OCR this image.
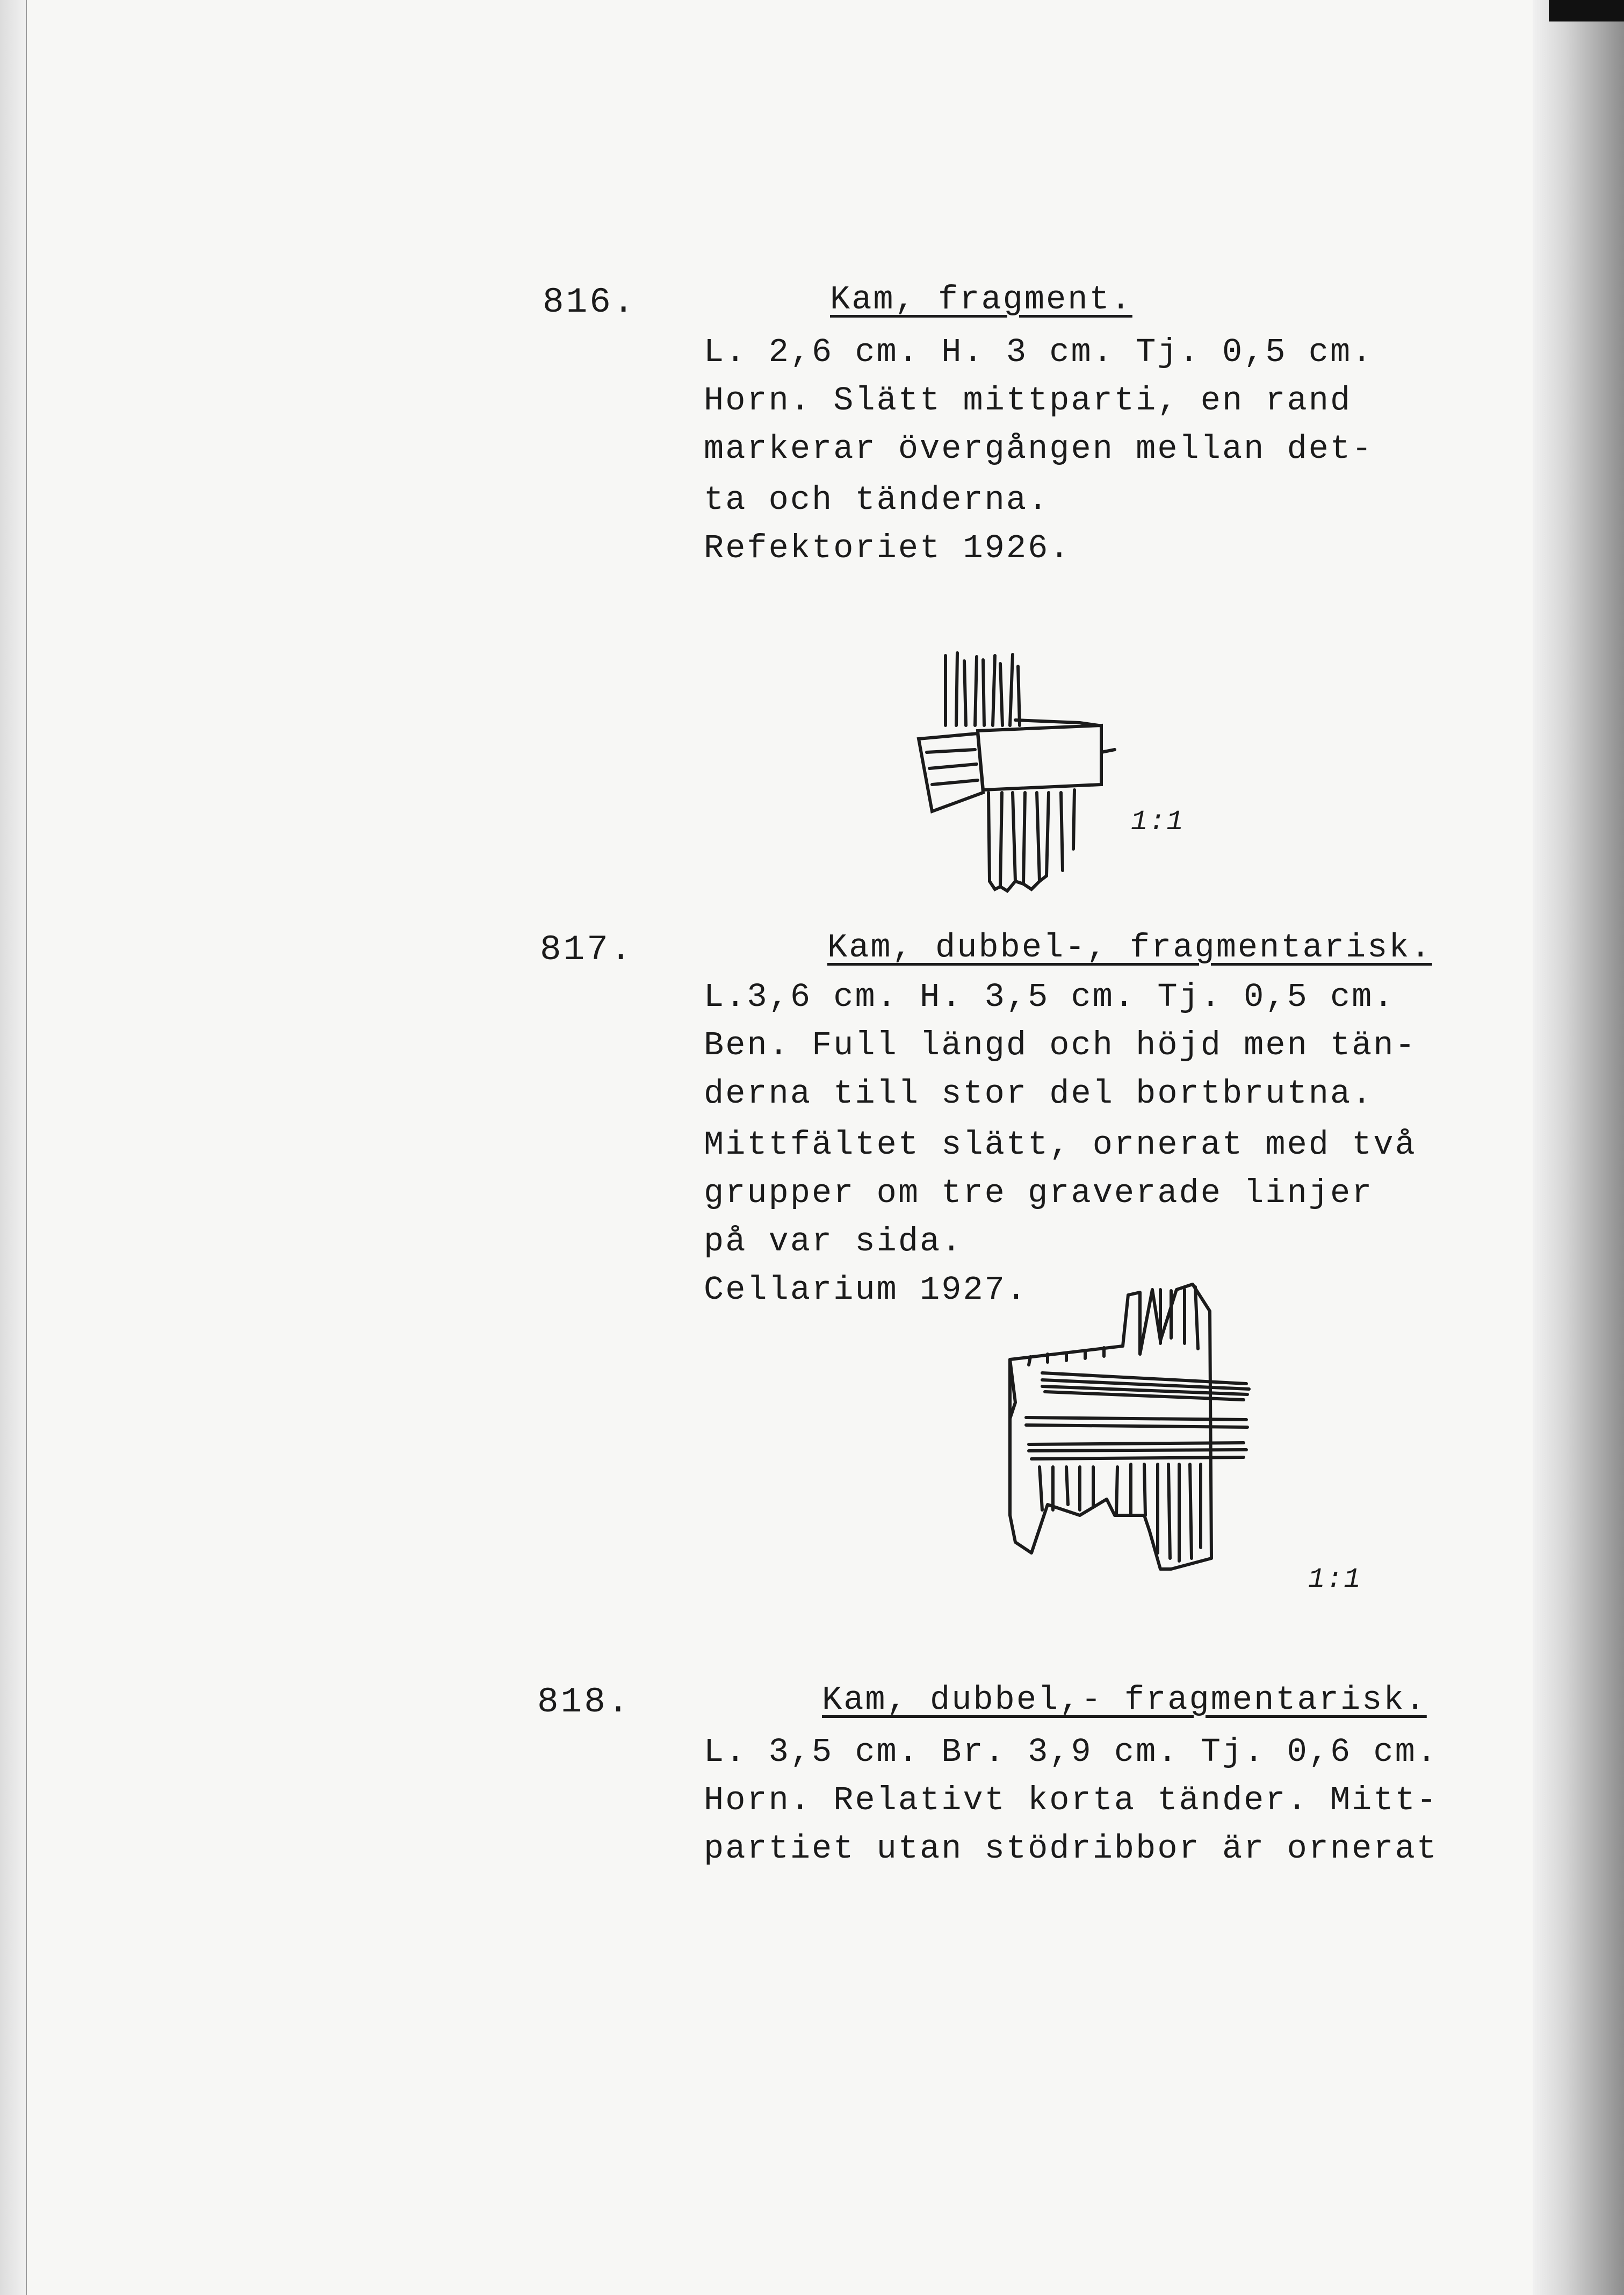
816.	Kam, fragment.
L. 2,6 cm. H. 3 cm. Tj. 0,5 cm.
Horn. Slätt mittparti, en rand
markerar övergången mellan det-
ta och tänderna.
Refektoriet 1926.
1:1
817.	Kam, dubbel-, fragmentarisk.
L.3,6 cm. H. 3,5 cm. Tj. 0,5 cm.
Ben. Full längd och höjd men tän-
derna till stor del bortbrutna.
Mittfältet slätt, ornerat med två
grupper om tre graverade linjer
på var sida.
Cellarium 1927.
1:1
818.	Kam, dubbel,- fragmentarisk.
L. 3,5 cm. Br. 3,9 cm. Tj. 0,6 cm.
Horn. Relativt korta tänder. Mitt-
partiet utan stödribbor är ornerat
